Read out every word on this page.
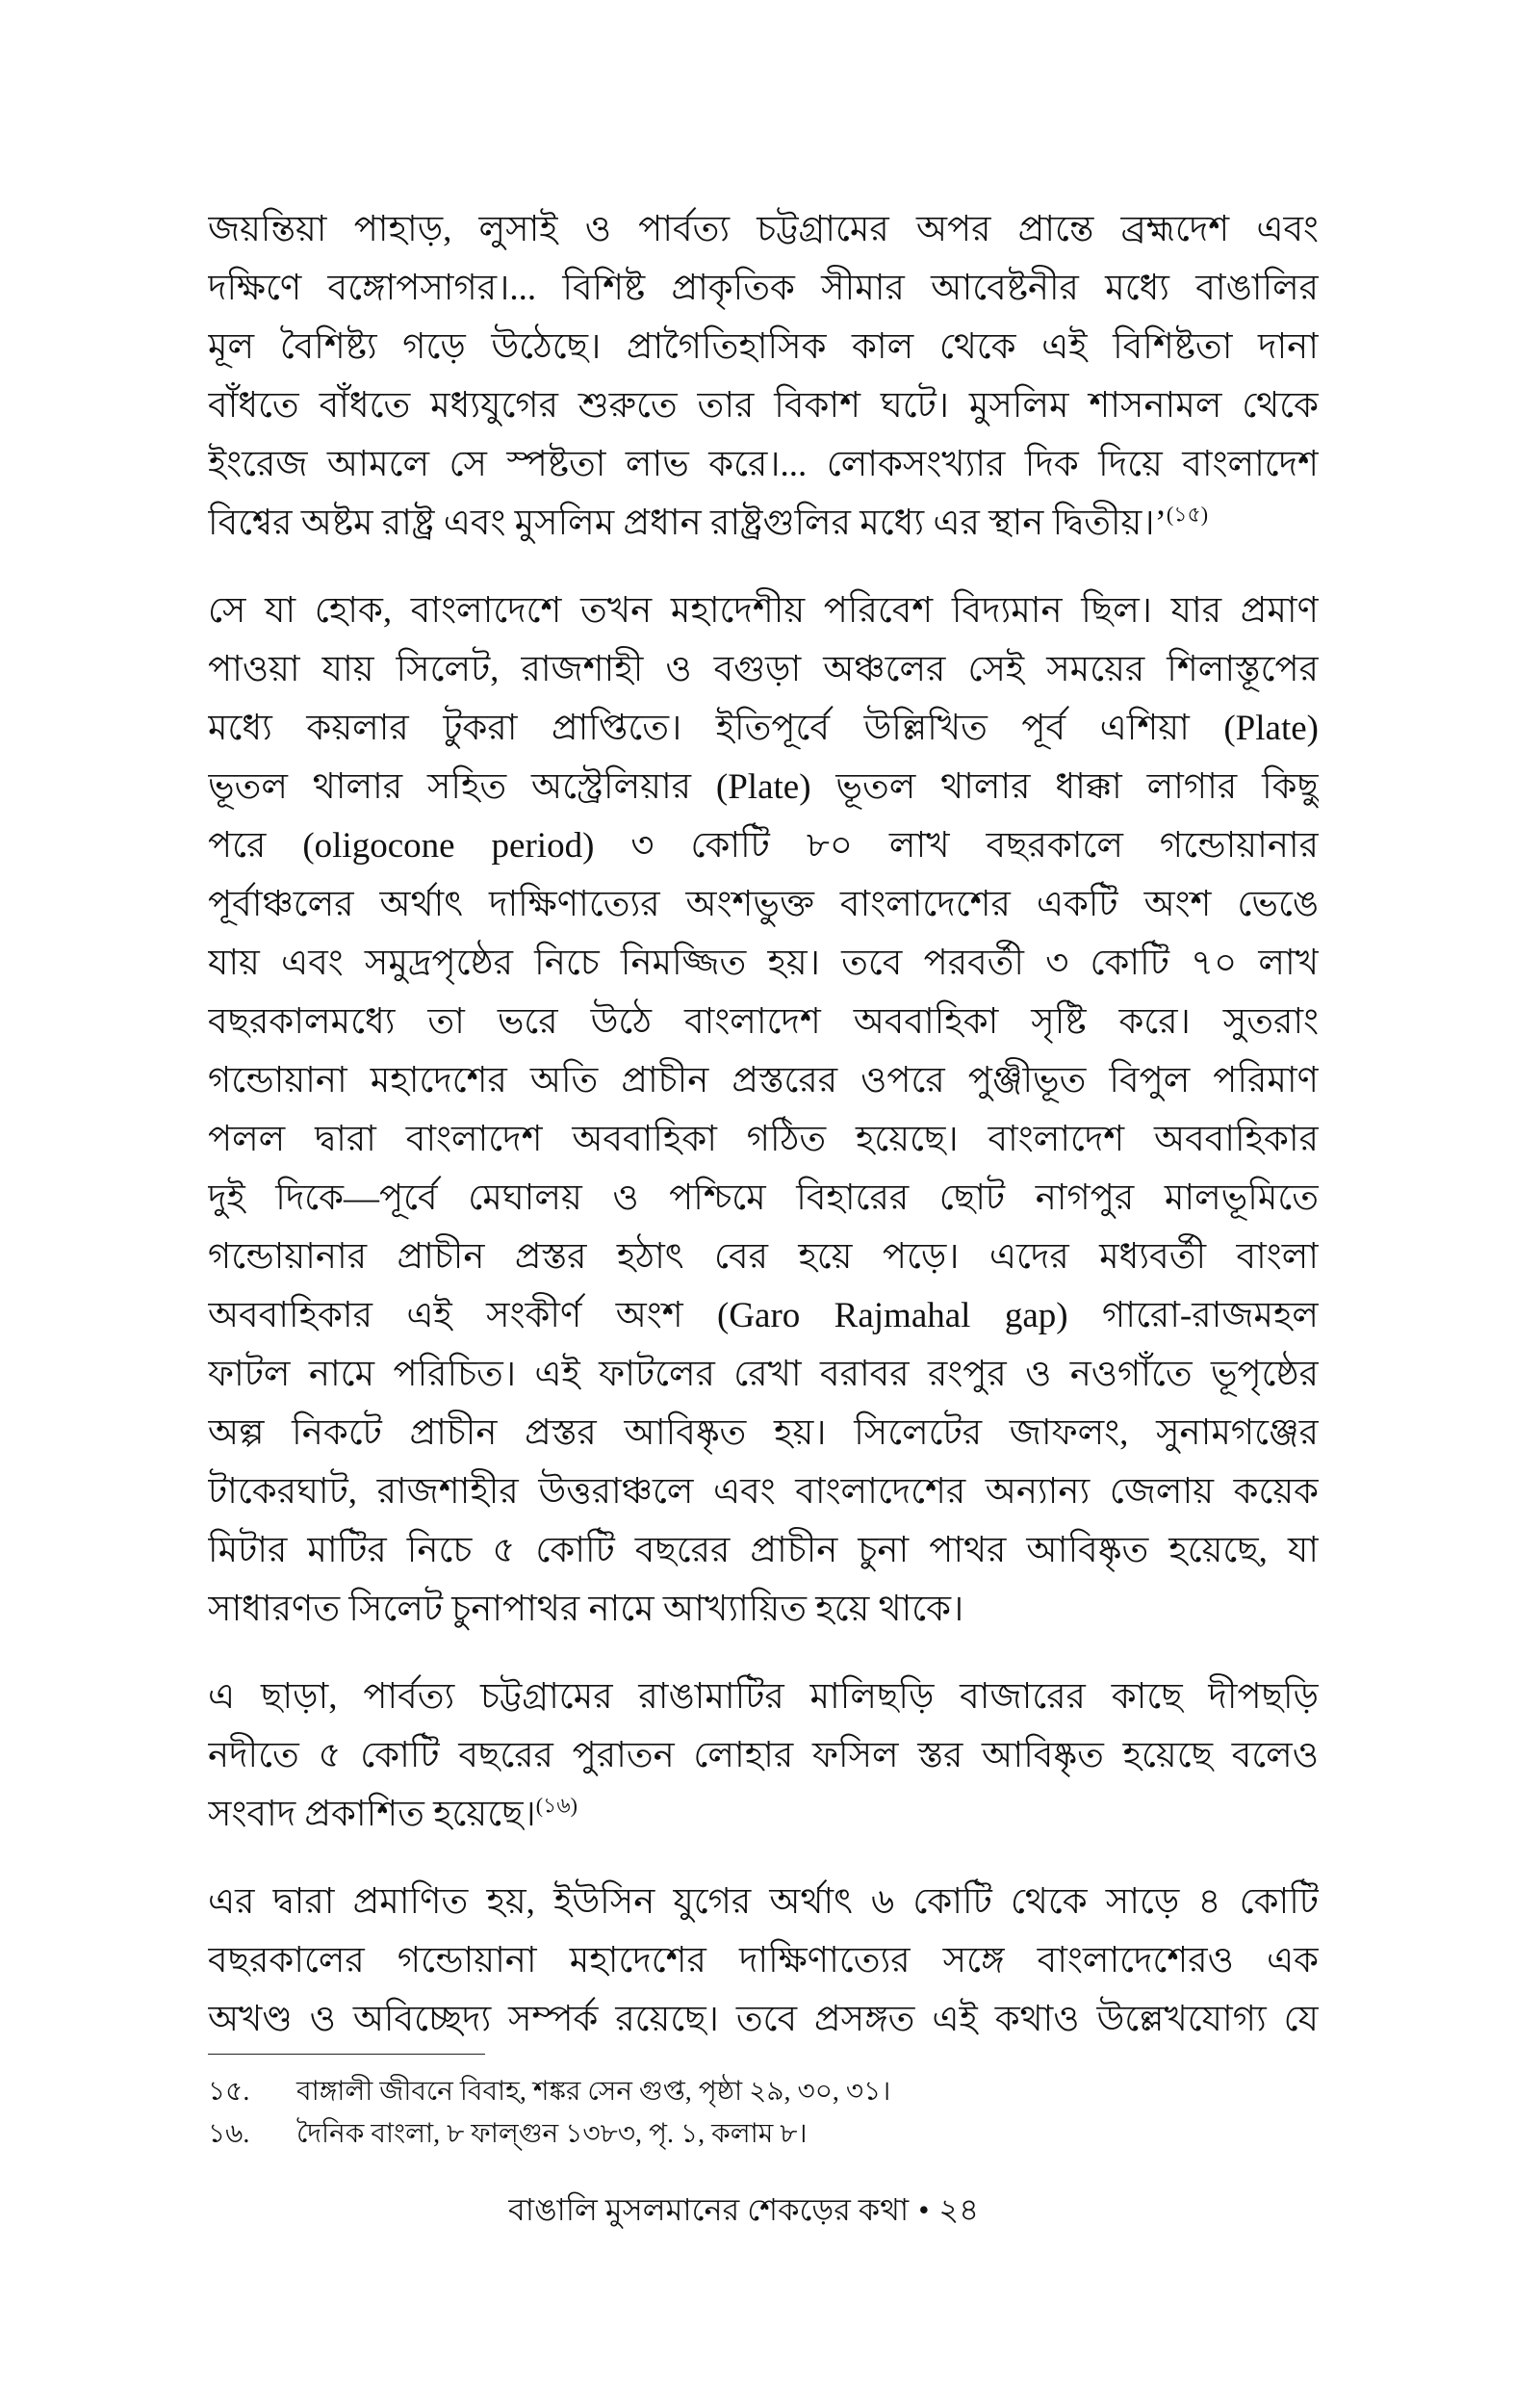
জয়ন্তিয়া পাহাড়, লুসাই ও পার্বত্য চট্টগ্রামের অপর প্রান্তে ব্রহ্মদেশ এবং
দক্ষিণে বঙ্গোপসাগর।... বিশিষ্ট প্রাকৃতিক সীমার আবেষ্টনীর মধ্যে বাঙালির
মূল বৈশিষ্ট্য গড়ে উঠেছে। প্রাগৈতিহাসিক কাল থেকে এই বিশিষ্টতা দানা
বাঁধতে বাঁধতে মধ্যযুগের শুরুতে তার বিকাশ ঘটে। মুসলিম শাসনামল থেকে
ইংরেজ আমলে সে স্পষ্টতা লাভ করে।... লোকসংখ্যার দিক দিয়ে বাংলাদেশ
বিশ্বের অষ্টম রাষ্ট্র এবং মুসলিম প্রধান রাষ্ট্রগুলির মধ্যে এর স্থান দ্বিতীয়।’$^{(১৫)}$
সে যা হোক, বাংলাদেশে তখন মহাদেশীয় পরিবেশ বিদ্যমান ছিল। যার প্রমাণ
পাওয়া যায় সিলেট, রাজশাহী ও বগুড়া অঞ্চলের সেই সময়ের শিলাস্তূপের
মধ্যে কয়লার টুকরা প্রাপ্তিতে। ইতিপূর্বে উল্লিখিত পূর্ব এশিয়া (Plate)
ভূতল থালার সহিত অস্ট্রেলিয়ার (Plate) ভূতল থালার ধাক্কা লাগার কিছু
পরে (oligocone period) ৩ কোটি ৮০ লাখ বছরকালে গন্ডোয়ানার
পূর্বাঞ্চলের অর্থাৎ দাক্ষিণাত্যের অংশভুক্ত বাংলাদেশের একটি অংশ ভেঙে
যায় এবং সমুদ্রপৃষ্ঠের নিচে নিমজ্জিত হয়। তবে পরবর্তী ৩ কোটি ৭০ লাখ
বছরকালমধ্যে তা ভরে উঠে বাংলাদেশ অববাহিকা সৃষ্টি করে। সুতরাং
গন্ডোয়ানা মহাদেশের অতি প্রাচীন প্রস্তরের ওপরে পুঞ্জীভূত বিপুল পরিমাণ
পলল দ্বারা বাংলাদেশ অববাহিকা গঠিত হয়েছে। বাংলাদেশ অববাহিকার
দুই দিকে—পূর্বে মেঘালয় ও পশ্চিমে বিহারের ছোট নাগপুর মালভূমিতে
গন্ডোয়ানার প্রাচীন প্রস্তর হঠাৎ বের হয়ে পড়ে। এদের মধ্যবর্তী বাংলা
অববাহিকার এই সংকীর্ণ অংশ (Garo Rajmahal gap) গারো-রাজমহল
ফাটল নামে পরিচিত। এই ফাটলের রেখা বরাবর রংপুর ও নওগাঁতে ভূপৃষ্ঠের
অল্প নিকটে প্রাচীন প্রস্তর আবিষ্কৃত হয়। সিলেটের জাফলং, সুনামগঞ্জের
টাকেরঘাট, রাজশাহীর উত্তরাঞ্চলে এবং বাংলাদেশের অন্যান্য জেলায় কয়েক
মিটার মাটির নিচে ৫ কোটি বছরের প্রাচীন চুনা পাথর আবিষ্কৃত হয়েছে, যা
সাধারণত সিলেট চুনাপাথর নামে আখ্যায়িত হয়ে থাকে।
এ ছাড়া, পার্বত্য চট্টগ্রামের রাঙামাটির মালিছড়ি বাজারের কাছে দীপছড়ি
নদীতে ৫ কোটি বছরের পুরাতন লোহার ফসিল স্তর আবিষ্কৃত হয়েছে বলেও
সংবাদ প্রকাশিত হয়েছে।$^{(১৬)}$
এর দ্বারা প্রমাণিত হয়, ইউসিন যুগের অর্থাৎ ৬ কোটি থেকে সাড়ে ৪ কোটি
বছরকালের গন্ডোয়ানা মহাদেশের দাক্ষিণাত্যের সঙ্গে বাংলাদেশেরও এক
অখণ্ড ও অবিচ্ছেদ্য সম্পর্ক রয়েছে। তবে প্রসঙ্গত এই কথাও উল্লেখযোগ্য যে
১৫.	বাঙ্গালী জীবনে বিবাহ, শঙ্কর সেন গুপ্ত, পৃষ্ঠা ২৯, ৩০, ৩১।
১৬.	দৈনিক বাংলা, ৮ ফাল্গুন ১৩৮৩, পৃ. ১, কলাম ৮।
বাঙালি মুসলমানের শেকড়ের কথা • ২৪
